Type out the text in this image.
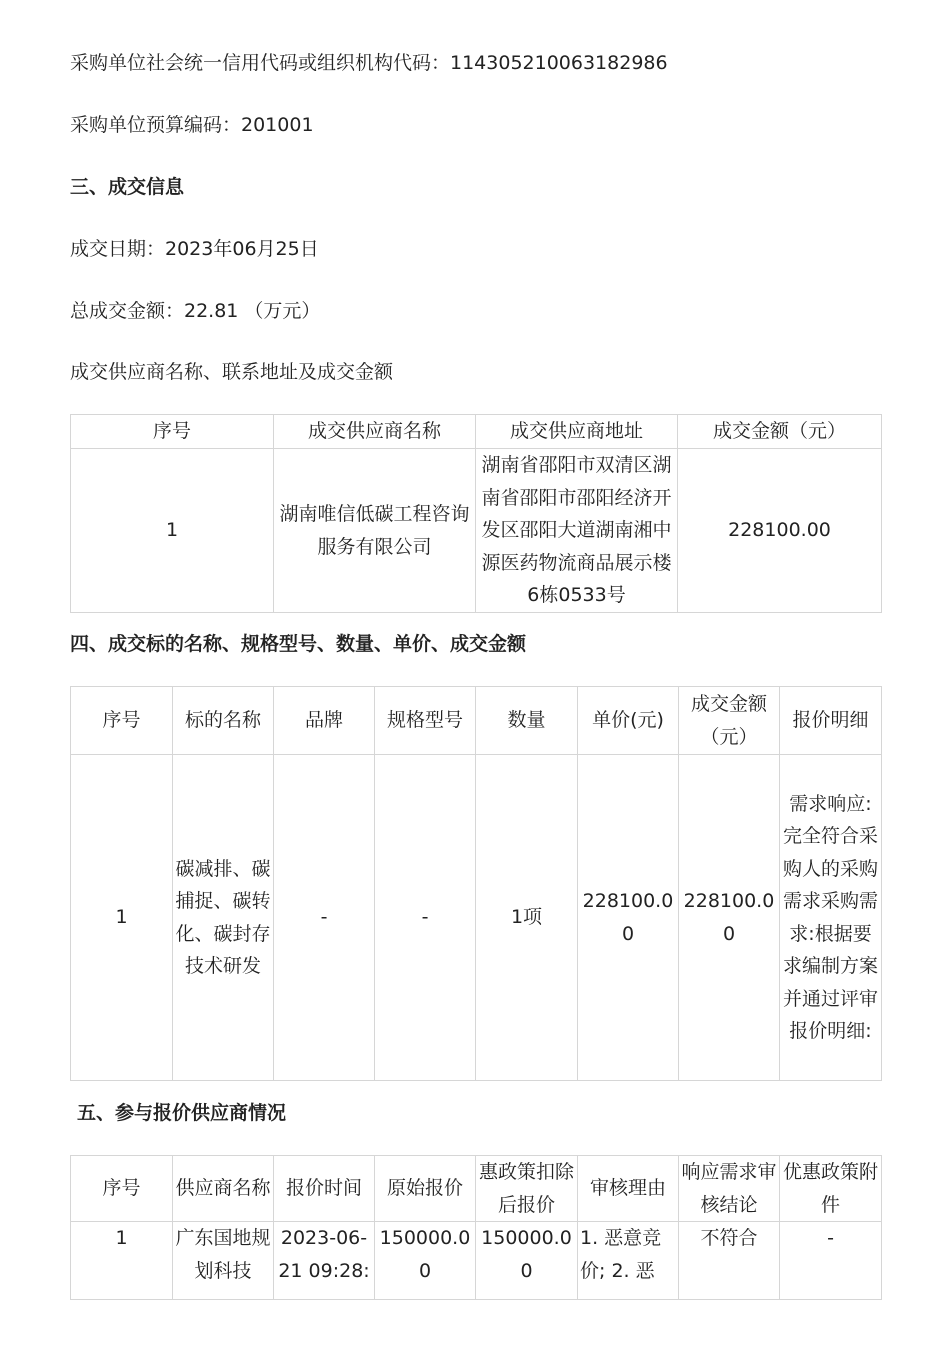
采购单位社会统一信用代码或组织机构代码：114305210063182986
采购单位预算编码：201001
三、成交信息
成交日期：2023年06月25日
总成交金额：22.81 （万元）
成交供应商名称、联系地址及成交金额
序号	成交供应商名称	成交供应商地址	成交金额（元）
1	湖南唯信低碳工程咨询服务有限公司	湖南省邵阳市双清区湖南省邵阳市邵阳经济开发区邵阳大道湖南湘中源医药物流商品展示楼6栋0533号	228100.00
四、成交标的名称、规格型号、数量、单价、成交金额
序号	标的名称	品牌	规格型号	数量	单价(元)	成交金额（元）	报价明细
1	碳减排、碳捕捉、碳转化、碳封存技术研发	-	-	1项	228100.00	228100.00	需求响应:完全符合采购人的采购需求采购需求:根据要求编制方案并通过评审报价明细:
五、参与报价供应商情况
序号	供应商名称	报价时间	原始报价	惠政策扣除后报价	审核理由	响应需求审核结论	优惠政策附件
1	广东国地规划科技	2023-06-21 09:28:	150000.00	150000.00	1. 恶意竞价; 2. 恶	不符合	-
